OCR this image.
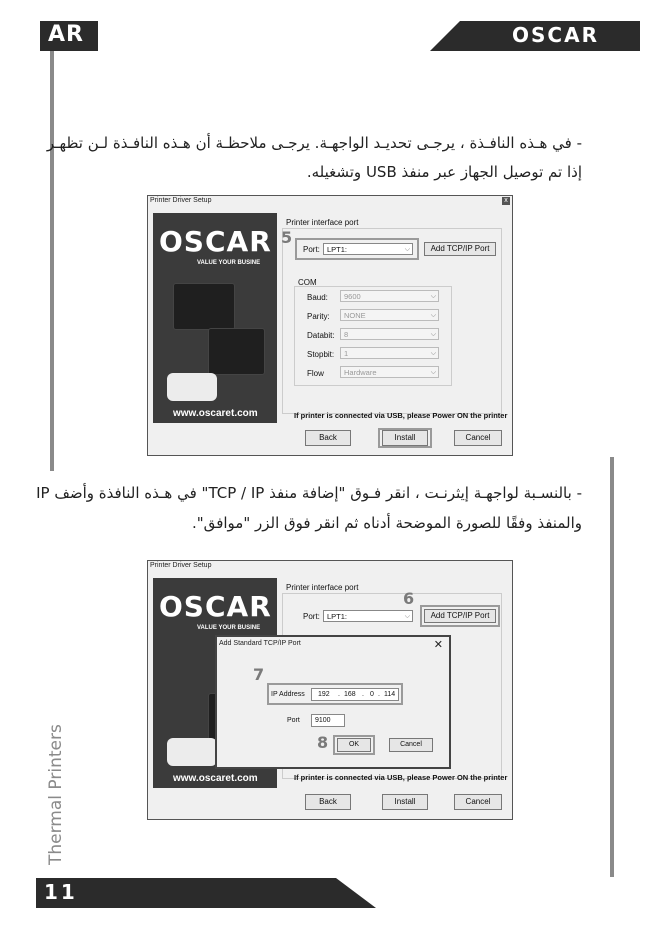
AR	OSCAR
- في هـذه النافـذة ، يرجـى تحديـد الواجهـة. يرجـى ملاحظـة أن هـذه النافـذة لـن تظهـر
إذا تم توصيل الجهاز عبر منفذ USB وتشغيله.
Printer Driver Setup	x
OSCAR
VALUE YOUR BUSINE
www.oscaret.com
Printer interface port
5
Port: LPT1:	⌵	Add TCP/IP Port
COM
Baud:	9600	⌵
Parity:	NONE	⌵
Databit:	8	⌵
Stopbit:	1	⌵
Flow	Hardware	⌵
If printer is connected via USB, please Power ON the printer
Back	Install	Cancel
- بالنسـبة لواجهـة إيثرنـت ، انقر فـوق "إضافة منفذ TCP / IP" في هـذه النافذة وأضف IP
والمنفذ وفقًا للصورة الموضحة أدناه ثم انقر فوق الزر "موافق".
Printer Driver Setup
OSCAR
VALUE YOUR BUSINE
www.oscaret.com
Printer interface port
Port: LPT1:	⌵
6
Add TCP/IP Port
If printer is connected via USB, please Power ON the printer
Back	Install	Cancel
Add Standard TCP/IP Port	✕
7
IP Address 192 . 168 . 0 . 114
Port	9100
8	OK	Cancel
Thermal Printers
11
